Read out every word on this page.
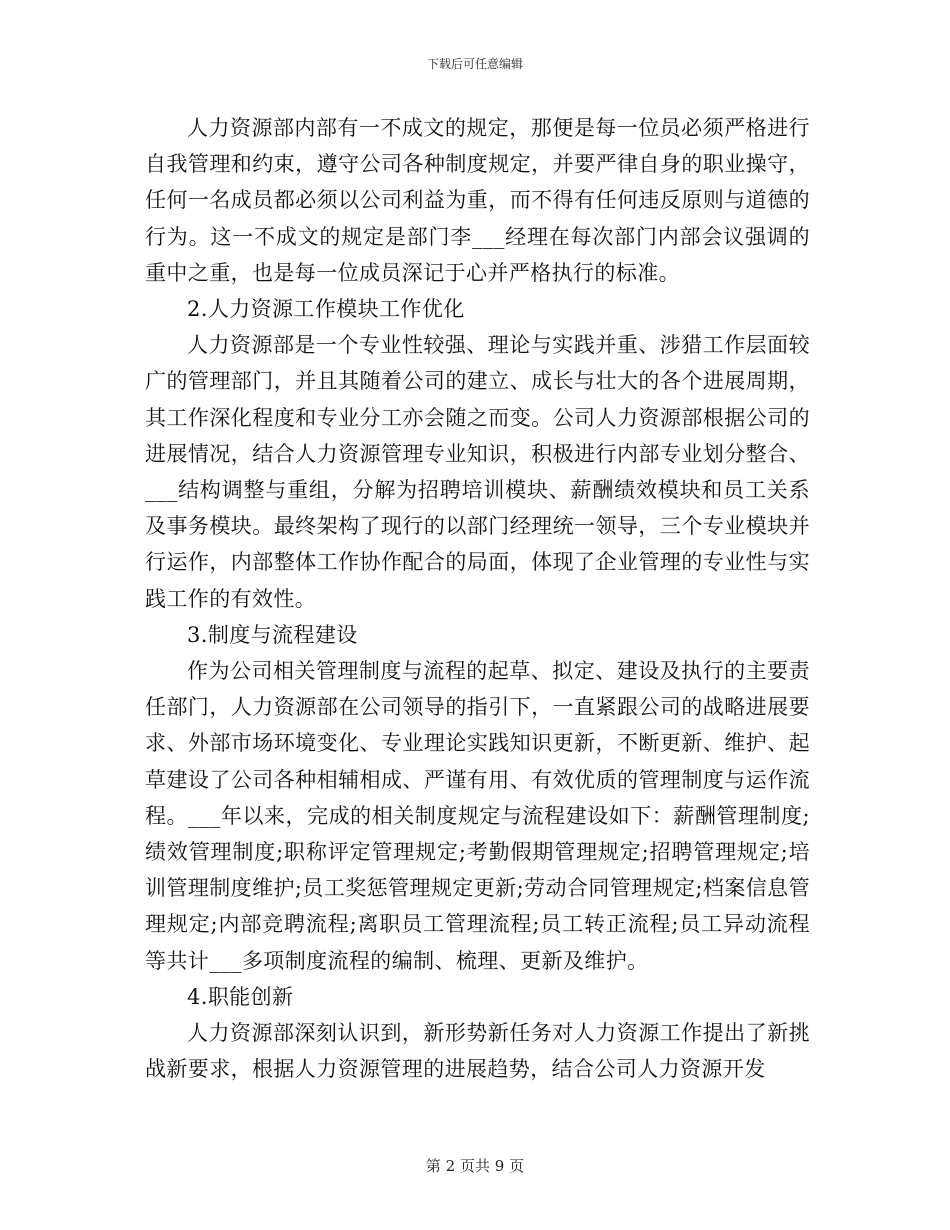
下载后可任意编辑

人力资源部内部有一不成文的规定，那便是每一位员必须严格进行自我管理和约束，遵守公司各种制度规定，并要严律自身的职业操守，任何一名成员都必须以公司利益为重，而不得有任何违反原则与道德的行为。这一不成文的规定是部门李___经理在每次部门内部会议强调的重中之重，也是每一位成员深记于心并严格执行的标准。

2.人力资源工作模块工作优化

人力资源部是一个专业性较强、理论与实践并重、涉猎工作层面较广的管理部门，并且其随着公司的建立、成长与壮大的各个进展周期，其工作深化程度和专业分工亦会随之而变。公司人力资源部根据公司的进展情况，结合人力资源管理专业知识，积极进行内部专业划分整合、___结构调整与重组，分解为招聘培训模块、薪酬绩效模块和员工关系及事务模块。最终架构了现行的以部门经理统一领导，三个专业模块并行运作，内部整体工作协作配合的局面，体现了企业管理的专业性与实践工作的有效性。

3.制度与流程建设

作为公司相关管理制度与流程的起草、拟定、建设及执行的主要责任部门，人力资源部在公司领导的指引下，一直紧跟公司的战略进展要求、外部市场环境变化、专业理论实践知识更新，不断更新、维护、起草建设了公司各种相辅相成、严谨有用、有效优质的管理制度与运作流程。___年以来，完成的相关制度规定与流程建设如下：薪酬管理制度;绩效管理制度;职称评定管理规定;考勤假期管理规定;招聘管理规定;培训管理制度维护;员工奖惩管理规定更新;劳动合同管理规定;档案信息管理规定;内部竞聘流程;离职员工管理流程;员工转正流程;员工异动流程等共计___多项制度流程的编制、梳理、更新及维护。

4.职能创新

人力资源部深刻认识到，新形势新任务对人力资源工作提出了新挑战新要求，根据人力资源管理的进展趋势，结合公司人力资源开发

第 2 页共 9 页
